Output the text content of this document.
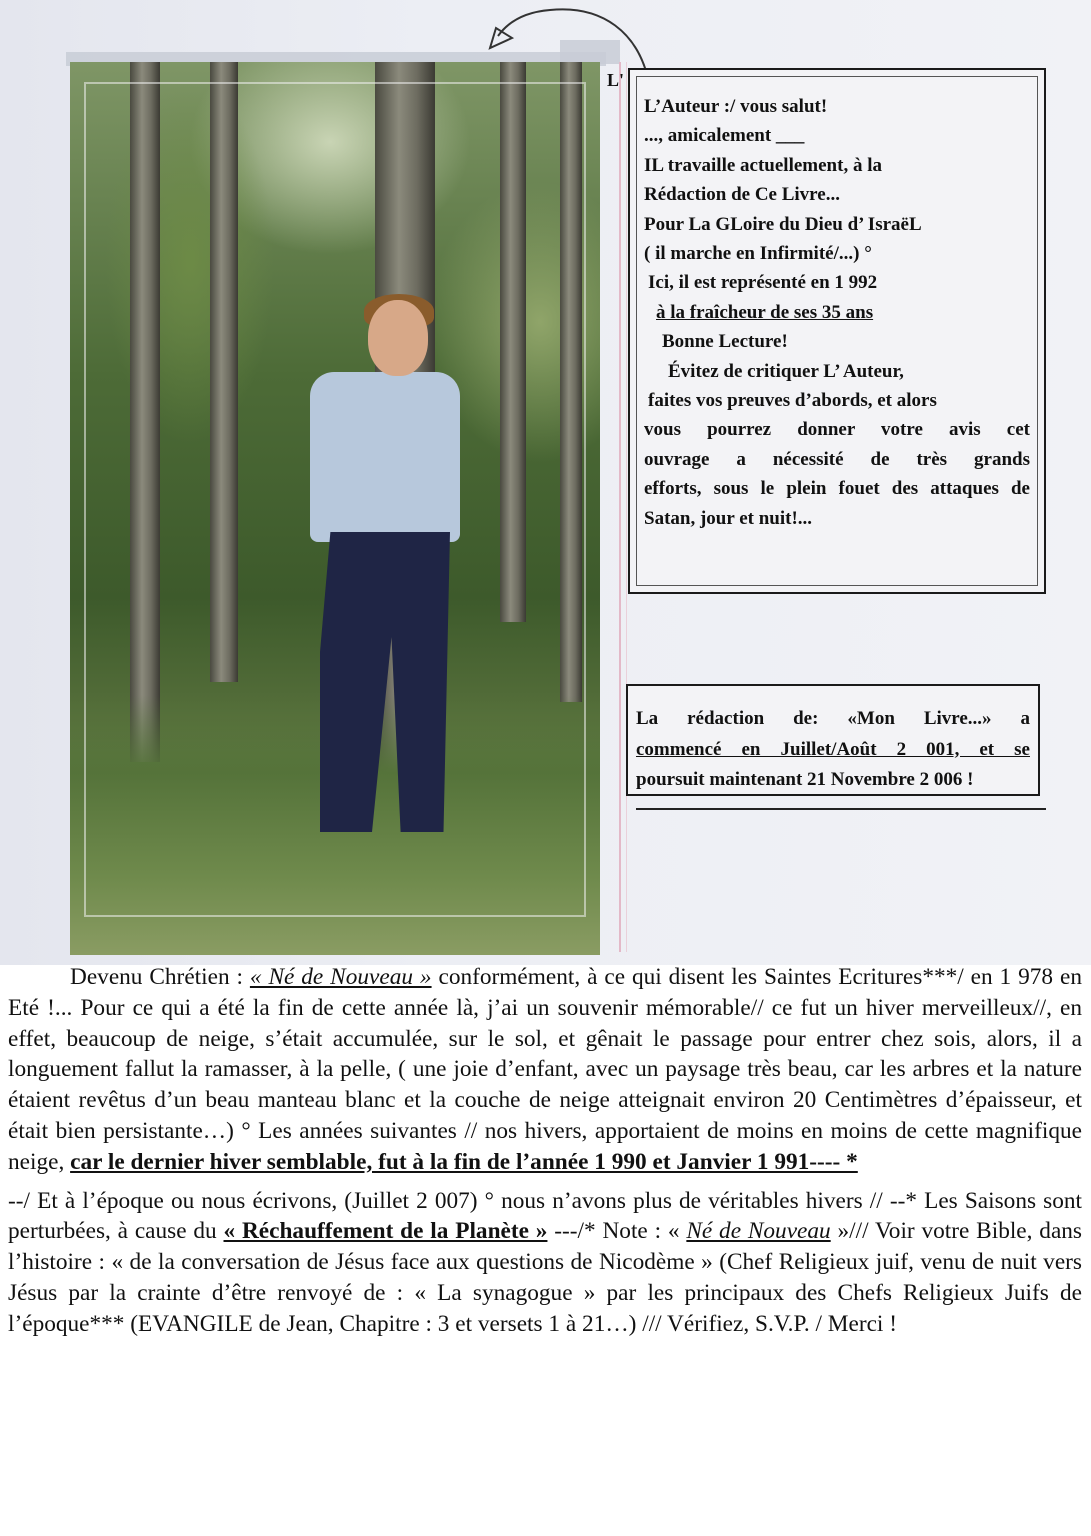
L'
L’Auteur :/ vous salut!
..., amicalement ___
IL travaille actuellement, à la
Rédaction de Ce Livre...
Pour La GLoire du Dieu d’ IsraëL
( il marche en Infirmité/...) °
Ici, il est représenté en 1 992
à la fraîcheur de ses 35 ans
Bonne Lecture!
Évitez de critiquer L’ Auteur,
faites vos preuves d’abords, et alors
vous pourrez donner votre avis cet
ouvrage a nécessité de très grands
efforts, sous le plein fouet des attaques de
Satan, jour et nuit!...
La rédaction de: «Mon Livre...» a
commencé en Juillet/Août 2 001, et se
poursuit maintenant 21 Novembre 2 006 !
Devenu Chrétien : « Né de Nouveau » conformément, à ce qui disent les Saintes Ecritures***/ en 1 978 en Eté !... Pour ce qui a été la fin de cette année là, j’ai un souvenir mémorable// ce fut un hiver merveilleux//, en effet, beaucoup de neige, s’était accumulée, sur le sol, et gênait le passage pour entrer chez sois, alors, il a longuement fallut la ramasser, à la pelle, ( une joie d’enfant, avec un paysage très beau, car les arbres et la nature étaient revêtus d’un beau manteau blanc et la couche de neige atteignait environ 20 Centimètres d’épaisseur, et était bien persistante…) ° Les années suivantes // nos hivers, apportaient de moins en moins de cette magnifique neige, car le dernier hiver semblable, fut à la fin de l’année 1 990 et Janvier 1 991---- *
--/ Et à l’époque ou nous écrivons, (Juillet 2 007) ° nous n’avons plus de véritables hivers // --* Les Saisons sont perturbées, à cause du « Réchauffement de la Planète » ---/* Note : « Né de Nouveau »/// Voir votre Bible, dans l’histoire : « de la conversation de Jésus face aux questions de Nicodème » (Chef Religieux juif, venu de nuit vers Jésus par la crainte d’être renvoyé de : « La synagogue » par les principaux des Chefs Religieux Juifs de l’époque*** (EVANGILE de Jean, Chapitre : 3 et versets 1 à 21…) /// Vérifiez, S.V.P. / Merci !
